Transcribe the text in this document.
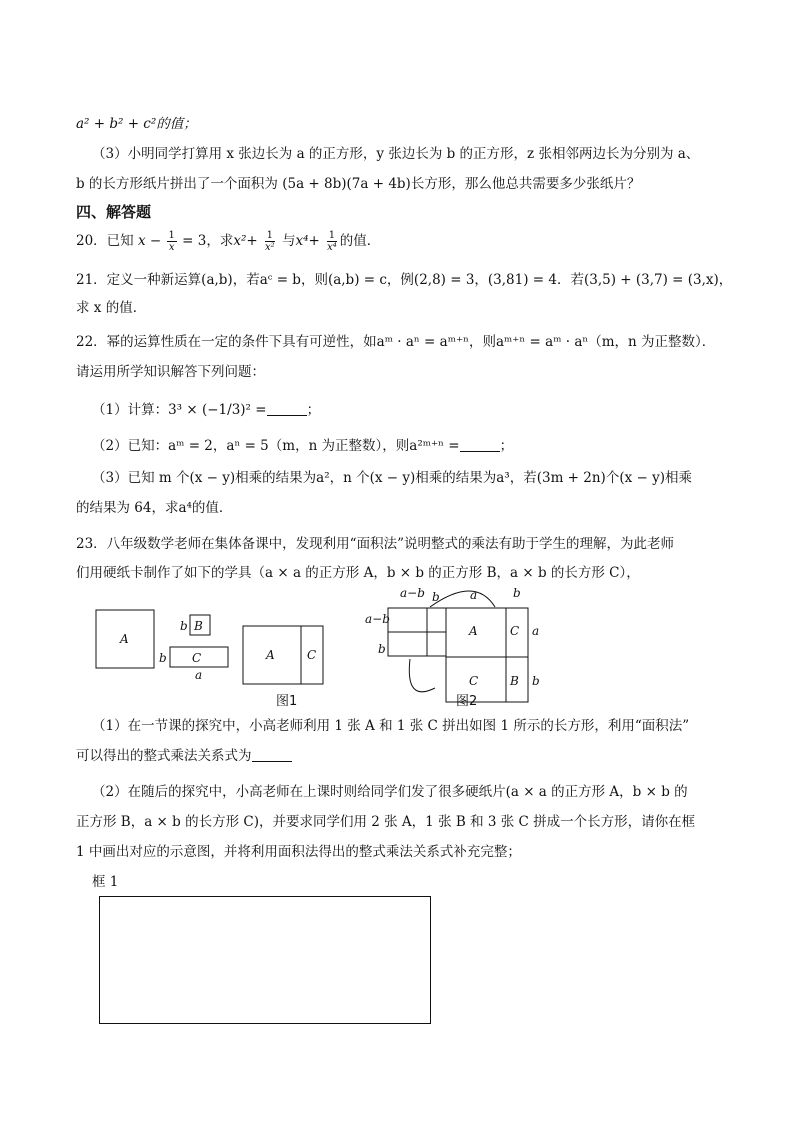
a² + b² + c²的值；
（3）小明同学打算用 x 张边长为 a 的正方形，y 张边长为 b 的正方形，z 张相邻两边长为分别为 a、
b 的长方形纸片拼出了一个面积为 (5a + 8b)(7a + 4b)长方形，那么他总共需要多少张纸片？
四、解答题
20．已知 $x - \frac{1}{x} = 3$，求$x^2+ \frac{1}{\text{x²}}$ 与$x^4+ \frac{1}{\text{x⁴}}$ 的值．
21．定义一种新运算(a,b)，若aᶜ = b，则(a,b) = c，例(2,8) = 3，(3,81) = 4．若(3,5) + (3,7) = (3,x)，
求 x 的值．
22．幂的运算性质在一定的条件下具有可逆性，如aᵐ · aⁿ = aᵐ⁺ⁿ，则aᵐ⁺ⁿ = aᵐ · aⁿ（m，n 为正整数）．
请运用所学知识解答下列问题：
（1）计算：3³ × (−1/3)² =	；
（2）已知：aᵐ = 2，aⁿ = 5（m，n 为正整数），则a²ᵐ⁺ⁿ =	；
（3）已知 m 个(x − y)相乘的结果为a²，n 个(x − y)相乘的结果为a³，若(3m + 2n)个(x − y)相乘
的结果为 64，求a⁴的值．
23．八年级数学老师在集体备课中，发现利用“面积法”说明整式的乘法有助于学生的理解，为此老师
们用硬纸卡制作了如下的学具（a × a 的正方形 A，b × b 的正方形 B，a × b 的长方形 C），
A
B
b
C
b
a
A	C
a−b
a−b
b
b	a	b
a
b
A	C
C	B
图1	图2
（1）在一节课的探究中，小高老师利用 1 张 A 和 1 张 C 拼出如图 1 所示的长方形，利用“面积法”
可以得出的整式乘法关系式为
（2）在随后的探究中，小高老师在上课时则给同学们发了很多硬纸片(a × a 的正方形 A，b × b 的
正方形 B，a × b 的长方形 C)，并要求同学们用 2 张 A，1 张 B 和 3 张 C 拼成一个长方形，请你在框
1 中画出对应的示意图，并将利用面积法得出的整式乘法关系式补充完整；
框 1
